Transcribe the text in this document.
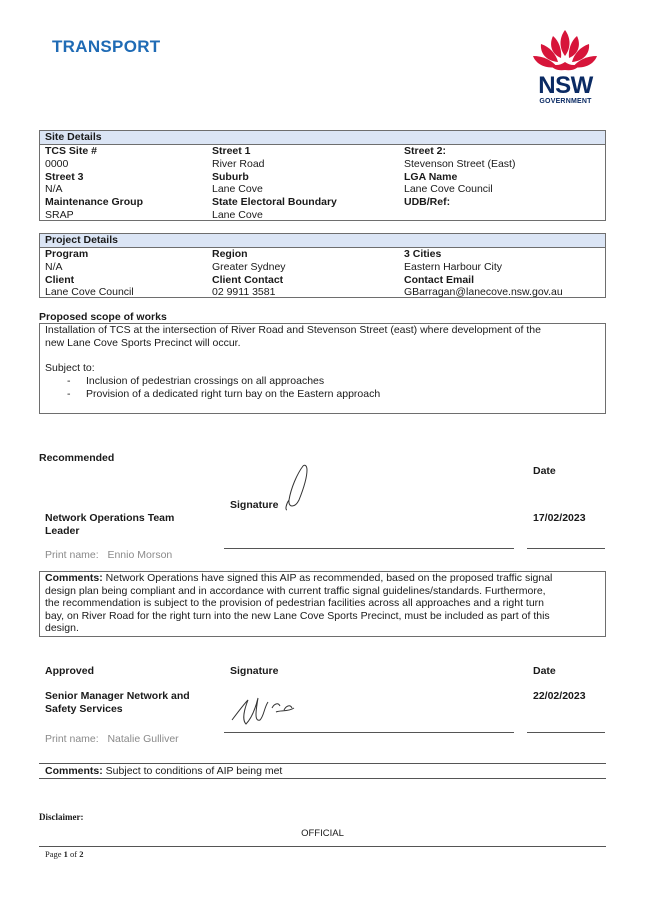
TRANSPORT
NSW
GOVERNMENT
Site Details
TCS Site #	Street 1	Street 2:
0000	River Road	Stevenson Street (East)
Street 3	Suburb	LGA Name
N/A	Lane Cove	Lane Cove Council
Maintenance Group	State Electoral Boundary	UDB/Ref:
SRAP	Lane Cove
Project Details
Program	Region	3 Cities
N/A	Greater Sydney	Eastern Harbour City
Client	Client Contact	Contact Email
Lane Cove Council	02 9911 3581	GBarragan@lanecove.nsw.gov.au
Proposed scope of works
Installation of TCS at the intersection of River Road and Stevenson Street (east) where development of the
new Lane Cove Sports Precinct will occur.
Subject to:
- Inclusion of pedestrian crossings on all approaches
- Provision of a dedicated right turn bay on the Eastern approach
Recommended
Date
Signature
Network Operations Team
Leader
17/02/2023
Print name: Ennio Morson
Comments: Network Operations have signed this AIP as recommended, based on the proposed traffic signal
design plan being compliant and in accordance with current traffic signal guidelines/standards. Furthermore,
the recommendation is subject to the provision of pedestrian facilities across all approaches and a right turn
bay, on River Road for the right turn into the new Lane Cove Sports Precinct, must be included as part of this
design.
Approved	Signature	Date
Senior Manager Network and
Safety Services
22/02/2023
Print name: Natalie Gulliver
Comments: Subject to conditions of AIP being met
Disclaimer:
OFFICIAL
Page 1 of 2
